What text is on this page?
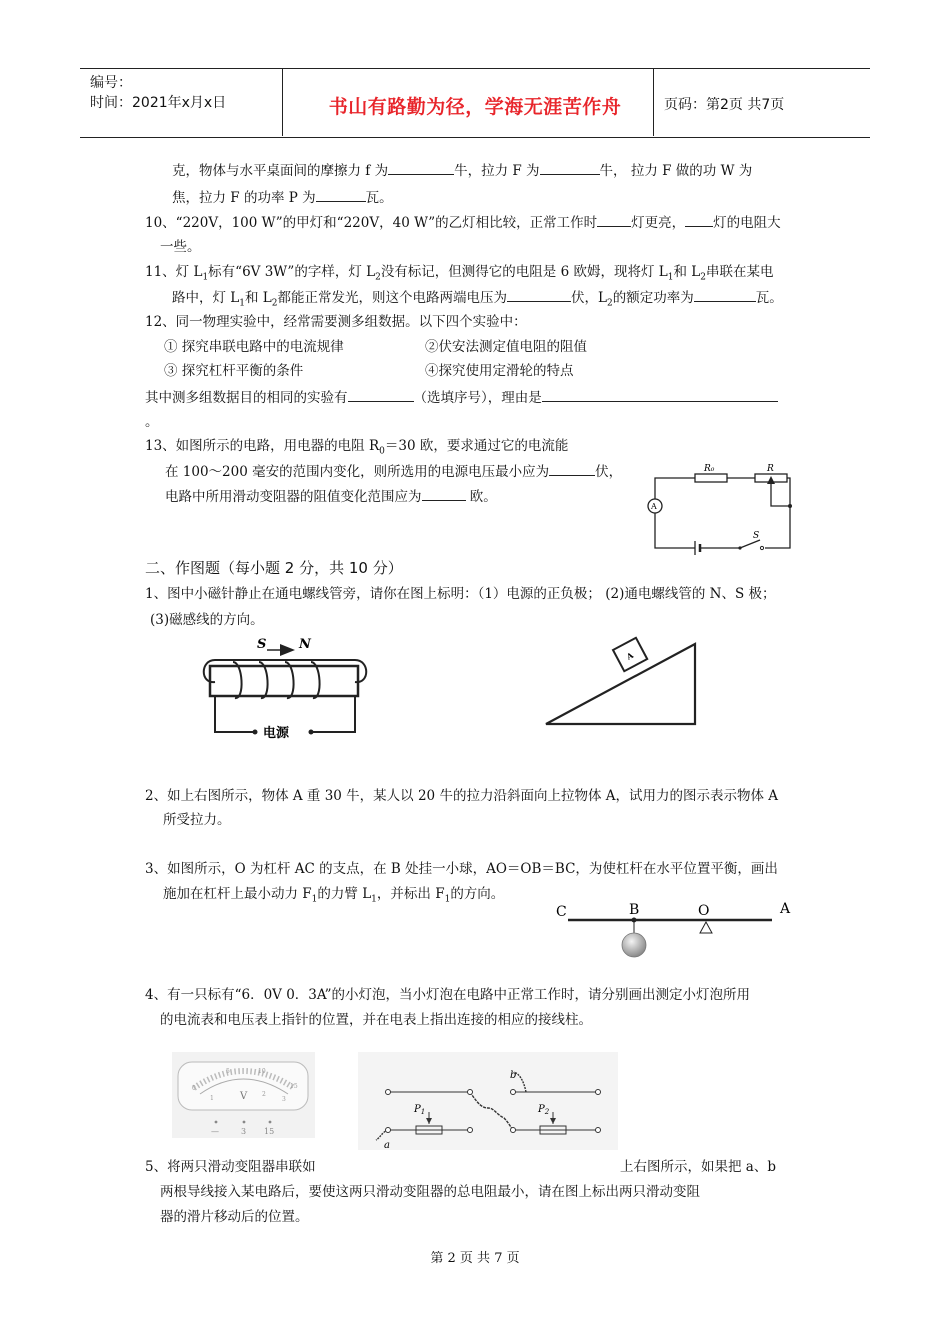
编号：
时间：2021年x月x日	书山有路勤为径，学海无涯苦作舟	页码：第2页 共7页
克，物体与水平桌面间的摩擦力 f 为	牛，拉力 F 为	牛， 拉力 F 做的功 W 为
焦，拉力 F 的功率 P 为	瓦。
10、“220V，100 W”的甲灯和“220V，40 W”的乙灯相比较，正常工作时	灯更亮， 灯的电阻大
一些。
11、灯 $L_1$标有“6V 3W”的字样，灯 $L_2$没有标记，但测得它的电阻是 6 欧姆，现将灯 $L_1$和 $L_2$串联在某电
路中，灯 $L_1$和 $L_2$都能正常发光，则这个电路两端电压为	伏，$L_2$的额定功率为	瓦。
12、同一物理实验中，经常需要测多组数据。以下四个实验中：
① 探究串联电路中的电流规律	②伏安法测定值电阻的阻值
③ 探究杠杆平衡的条件	④探究使用定滑轮的特点
其中测多组数据目的相同的实验有	（选填序号），理由是
。
13、如图所示的电路，用电器的电阻 $R_0=30$ 欧，要求通过它的电流能
在 100～200 毫安的范围内变化，则所选用的电源电压最小应为	伏，
电路中所用滑动变阻器的阻值变化范围应为	欧。
R₀	R
A
S
二、作图题（每小题 2 分，共 10 分）
1、图中小磁针静止在通电螺线管旁，请你在图上标明：（1）电源的正负极； (2)通电螺线管的 N、S 极；
(3)磁感线的方向。
S	N
电源
A
2、如上右图所示，物体 A 重 30 牛，某人以 20 牛的拉力沿斜面向上拉物体 A，试用力的图示表示物体 A
所受拉力。
3、如图所示，O 为杠杆 AC 的支点，在 B 处挂一小球，AO＝OB＝BC，为使杠杆在水平位置平衡，画出
施加在杠杆上最小动力 $F_1$的力臂 $L_1$，并标出 $F_1$的方向。
C	B	O	A
4、有一只标有“6．0V 0．3A”的小灯泡，当小灯泡在电路中正常工作时，请分别画出测定小灯泡所用
的电流表和电压表上指针的位置，并在电表上指出连接的相应的接线柱。
0
5	10
15
1
2
3
V
—	3 15
$P_1$	$P_2$
a
b
5、将两只滑动变阻器串联如	上右图所示，如果把 a、b
两根导线接入某电路后，要使这两只滑动变阻器的总电阻最小，请在图上标出两只滑动变阻
器的滑片移动后的位置。
第 2 页 共 7 页
